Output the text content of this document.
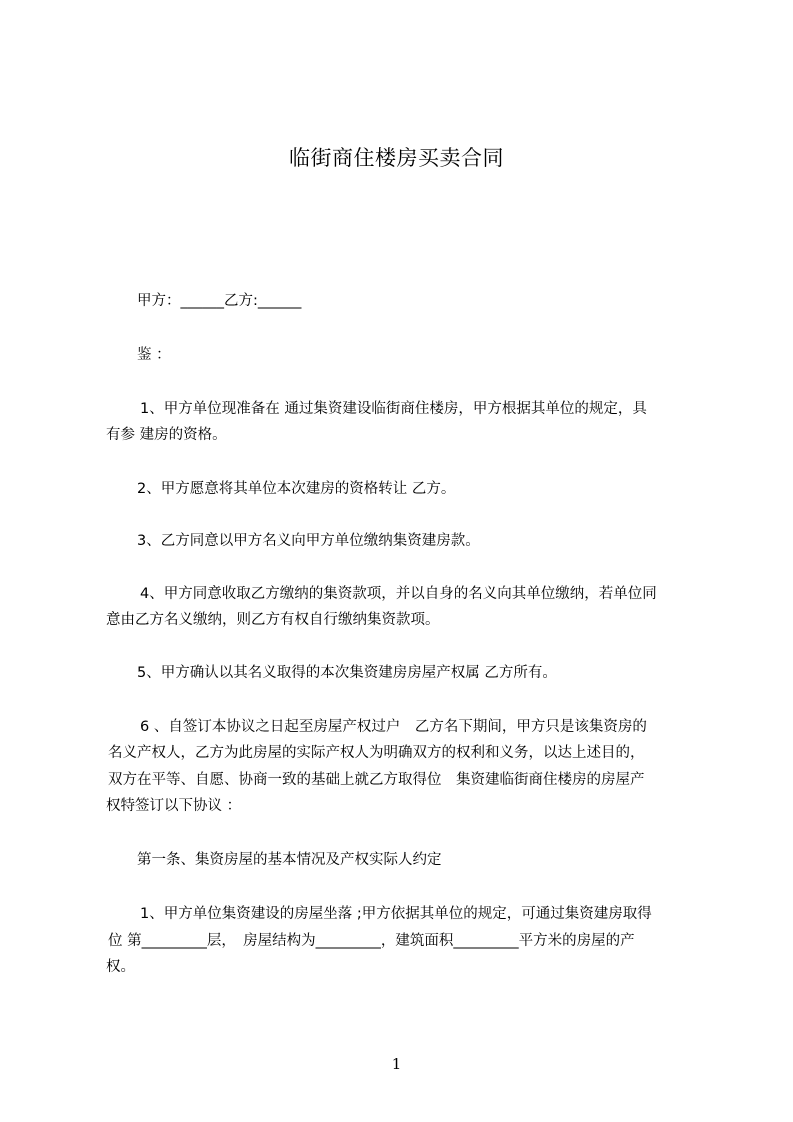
临街商住楼房买卖合同
甲方：______乙方:______
鉴 ：
1、甲方单位现准备在 通过集资建设临街商住楼房，甲方根据其单位的规定，具
有参 建房的资格。
2、甲方愿意将其单位本次建房的资格转让 乙方。
3、乙方同意以甲方名义向甲方单位缴纳集资建房款。
4、甲方同意收取乙方缴纳的集资款项，并以自身的名义向其单位缴纳，若单位同
意由乙方名义缴纳，则乙方有权自行缴纳集资款项。
5、甲方确认以其名义取得的本次集资建房房屋产权属 乙方所有。
6 、自签订本协议之日起至房屋产权过户　乙方名下期间，甲方只是该集资房的
名义产权人，乙方为此房屋的实际产权人为明确双方的权利和义务，以达上述目的，
双方在平等、自愿、协商一致的基础上就乙方取得位　集资建临街商住楼房的房屋产
权特签订以下协议 ：
第一条、集资房屋的基本情况及产权实际人约定
1、甲方单位集资建设的房屋坐落 ;甲方依据其单位的规定，可通过集资建房取得
位 第_________层，　房屋结构为_________，建筑面积_________平方米的房屋的产
权。
1
